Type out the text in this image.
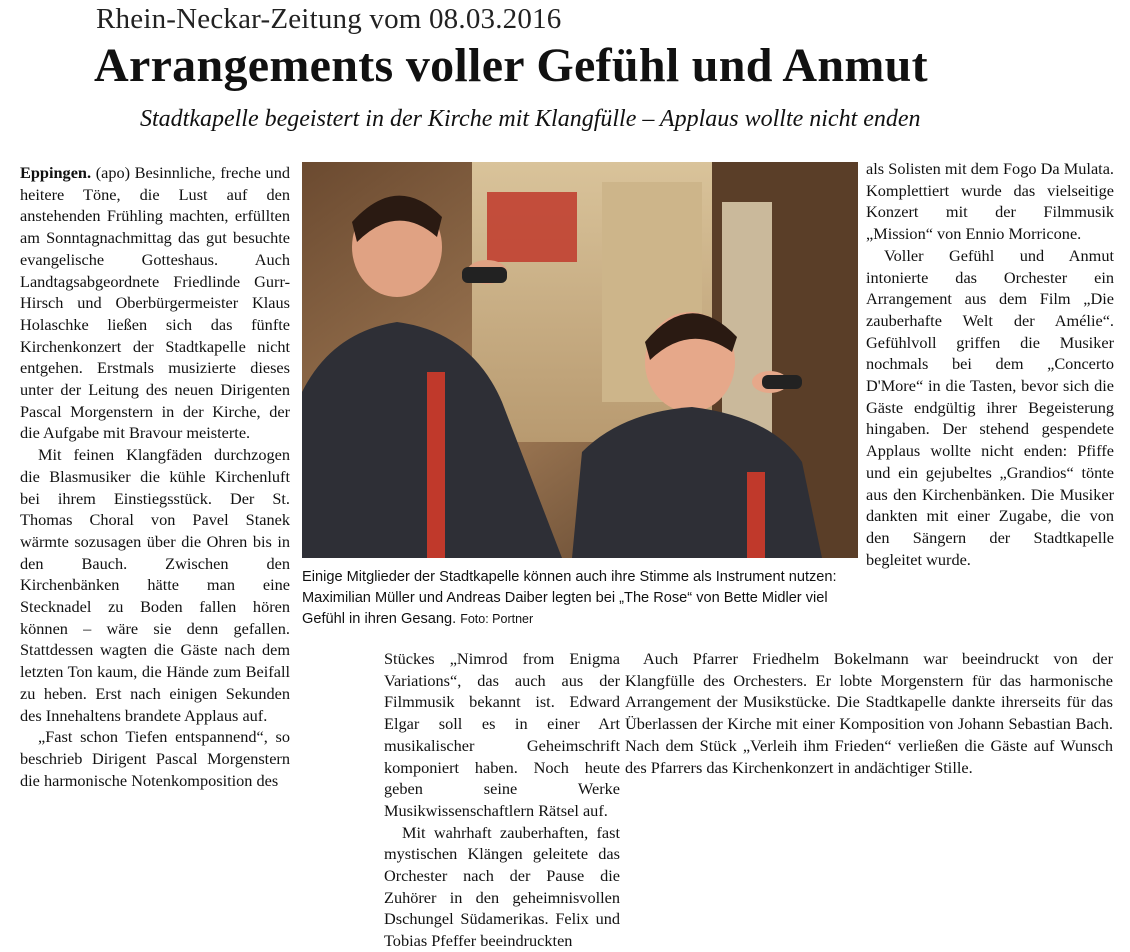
Rhein-Neckar-Zeitung vom 08.03.2016
Arrangements voller Gefühl und Anmut
Stadtkapelle begeistert in der Kirche mit Klangfülle – Applaus wollte nicht enden

Eppingen. (apo) Besinnliche, freche und heitere Töne, die Lust auf den anstehenden Frühling machten, erfüllten am Sonntagnachmittag das gut besuchte evangelische Gotteshaus. Auch Landtagsabgeordnete Friedlinde Gurr-Hirsch und Oberbürgermeister Klaus Holaschke ließen sich das fünfte Kirchenkonzert der Stadtkapelle nicht entgehen. Erstmals musizierte dieses unter der Leitung des neuen Dirigenten Pascal Morgenstern in der Kirche, der die Aufgabe mit Bravour meisterte.

Mit feinen Klangfäden durchzogen die Blasmusiker die kühle Kirchenluft bei ihrem Einstiegsstück. Der St. Thomas Choral von Pavel Stanek wärmte sozusagen über die Ohren bis in den Bauch. Zwischen den Kirchenbänken hätte man eine Stecknadel zu Boden fallen hören können – wäre sie denn gefallen. Stattdessen wagten die Gäste nach dem letzten Ton kaum, die Hände zum Beifall zu heben. Erst nach einigen Sekunden des Innehaltens brandete Applaus auf.

„Fast schon Tiefen entspannend“, so beschrieb Dirigent Pascal Morgenstern die harmonische Notenkomposition des

Einige Mitglieder der Stadtkapelle können auch ihre Stimme als Instrument nutzen: Maximilian Müller und Andreas Daiber legten bei „The Rose“ von Bette Midler viel Gefühl in ihren Gesang. Foto: Portner

als Solisten mit dem Fogo Da Mulata. Komplettiert wurde das vielseitige Konzert mit der Filmmusik „Mission“ von Ennio Morricone.

Voller Gefühl und Anmut intonierte das Orchester ein Arrangement aus dem Film „Die zauberhafte Welt der Amélie“. Gefühlvoll griffen die Musiker nochmals bei dem „Concerto D'More“ in die Tasten, bevor sich die Gäste endgültig ihrer Begeisterung hingaben. Der stehend gespendete Applaus wollte nicht enden: Pfiffe und ein gejubeltes „Grandios“ tönte aus den Kirchenbänken. Die Musiker dankten mit einer Zugabe, die von den Sängern der Stadtkapelle begleitet wurde.

Stückes „Nimrod from Enigma Variations“, das auch aus der Filmmusik bekannt ist. Edward Elgar soll es in einer Art musikalischer Geheimschrift komponiert haben. Noch heute geben seine Werke Musikwissenschaftlern Rätsel auf.

Mit wahrhaft zauberhaften, fast mystischen Klängen geleitete das Orchester nach der Pause die Zuhörer in den geheimnisvollen Dschungel Südamerikas. Felix und Tobias Pfeffer beeindruckten

Auch Pfarrer Friedhelm Bokelmann war beeindruckt von der Klangfülle des Orchesters. Er lobte Morgenstern für das harmonische Arrangement der Musikstücke. Die Stadtkapelle dankte ihrerseits für das Überlassen der Kirche mit einer Komposition von Johann Sebastian Bach. Nach dem Stück „Verleih ihm Frieden“ verließen die Gäste auf Wunsch des Pfarrers das Kirchenkonzert in andächtiger Stille.
